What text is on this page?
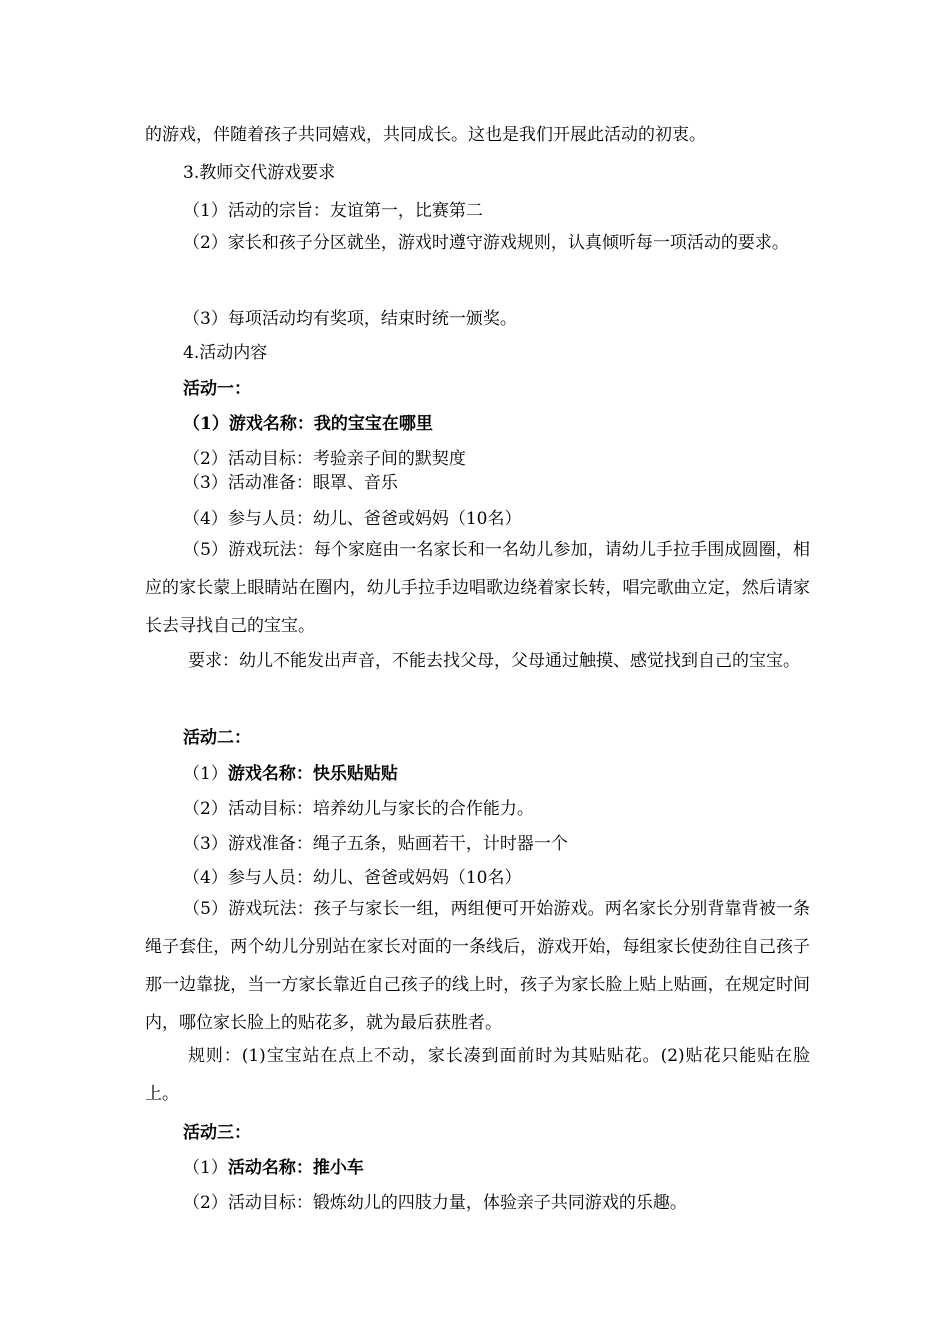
的游戏，伴随着孩子共同嬉戏，共同成长。这也是我们开展此活动的初衷。

3.教师交代游戏要求

（1）活动的宗旨：友谊第一，比赛第二

（2）家长和孩子分区就坐，游戏时遵守游戏规则，认真倾听每一项活动的要求。

（3）每项活动均有奖项，结束时统一颁奖。

4.活动内容

活动一：

（1）游戏名称：我的宝宝在哪里

（2）活动目标：考验亲子间的默契度

（3）活动准备：眼罩、音乐

（4）参与人员：幼儿、爸爸或妈妈（10名）

（5）游戏玩法：每个家庭由一名家长和一名幼儿参加，请幼儿手拉手围成圆圈，相应的家长蒙上眼睛站在圈内，幼儿手拉手边唱歌边绕着家长转，唱完歌曲立定，然后请家长去寻找自己的宝宝。

要求：幼儿不能发出声音，不能去找父母，父母通过触摸、感觉找到自己的宝宝。

活动二：

（1）游戏名称：快乐贴贴贴

（2）活动目标：培养幼儿与家长的合作能力。

（3）游戏准备：绳子五条，贴画若干，计时器一个

（4）参与人员：幼儿、爸爸或妈妈（10名）

（5）游戏玩法：孩子与家长一组，两组便可开始游戏。两名家长分别背靠背被一条绳子套住，两个幼儿分别站在家长对面的一条线后，游戏开始，每组家长使劲往自己孩子那一边靠拢，当一方家长靠近自己孩子的线上时，孩子为家长脸上贴上贴画，在规定时间内，哪位家长脸上的贴花多，就为最后获胜者。

规则：(1)宝宝站在点上不动，家长凑到面前时为其贴贴花。(2)贴花只能贴在脸上。

活动三：

（1）活动名称：推小车

（2）活动目标：锻炼幼儿的四肢力量，体验亲子共同游戏的乐趣。
